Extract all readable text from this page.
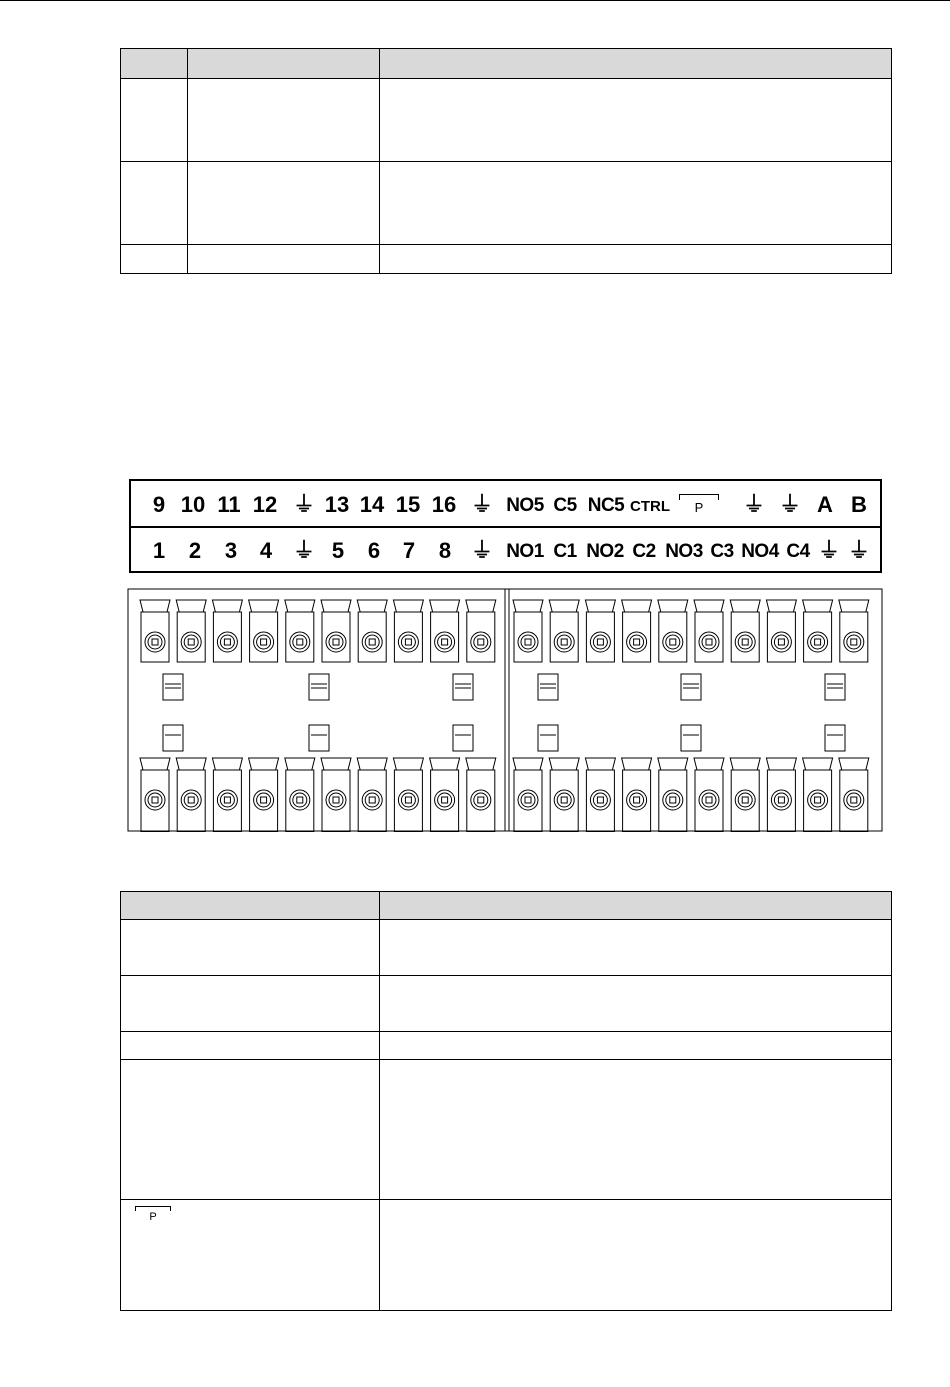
9 10 11 12 ⏚ 13 14 15 16 ⏚ NO5 C5 NC5 CTRL	P	⏚ ⏚ A B
1 2 3 4 ⏚ 5 6 7 8 ⏚ NO1 C1 NO2 C2 NO3 C3 NO4 C4 ⏚ ⏚

P	
